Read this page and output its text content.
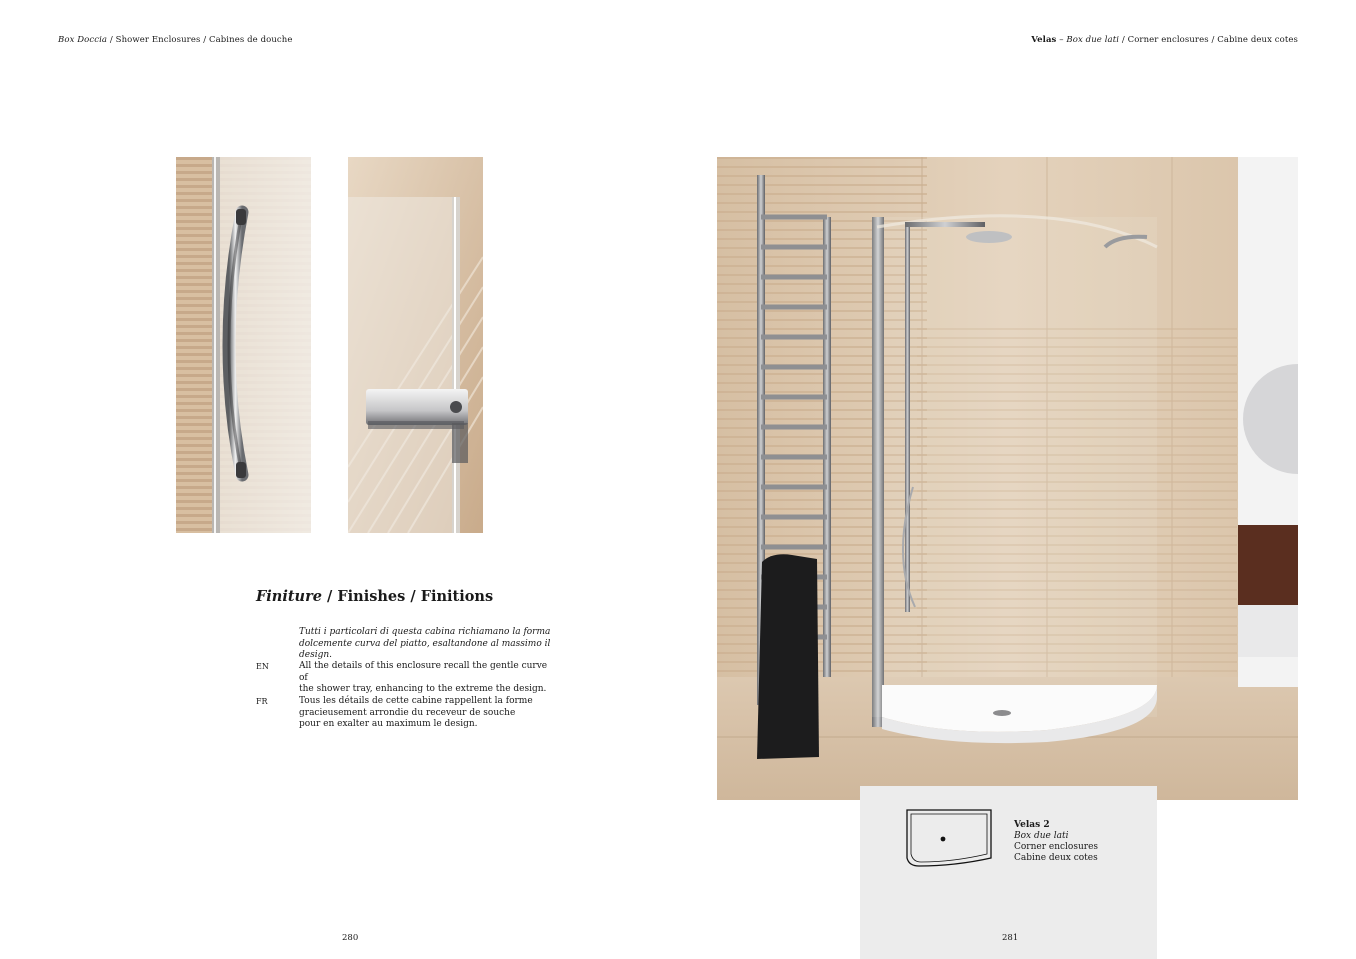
Box Doccia / Shower Enclosures / Cabines de douche	Velas – Box due lati / Corner enclosures / Cabine deux cotes
Finiture / Finishes / Finitions
Tutti i particolari di questa cabina richiamano la forma
dolcemente curva del piatto, esaltandone al massimo il design.
EN	All the details of this enclosure recall the gentle curve of
the shower tray, enhancing to the extreme the design.
FR	Tous les détails de cette cabine rappellent la forme
gracieusement arrondie du receveur de souche
pour en exalter au maximum le design.
Velas 2
Box due lati
Corner enclosures
Cabine deux cotes
280	281
